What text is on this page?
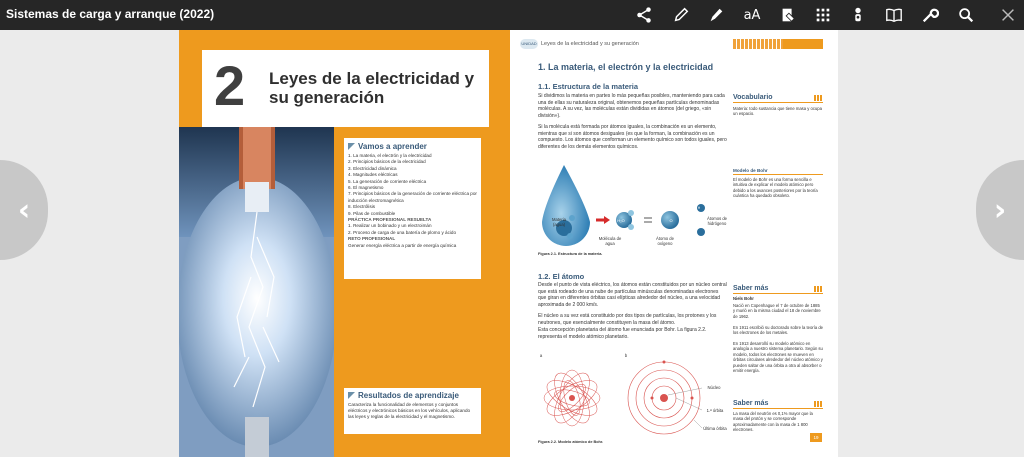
Sistemas de carga y arranque (2022)	aA
‹	›
2 Leyes de la electricidad y su generación
Vamos a aprender
1. La materia, el electrón y la electricidad
2. Principios básicos de la electricidad
3. Electricidad dinámica
4. Magnitudes eléctricas
5. La generación de corriente eléctrica
6. El magnetismo
7. Principios básicos de la generación de corriente eléctrica por inducción electromagnética
8. Electrólisis
9. Pilas de combustible
PRÁCTICA PROFESIONAL RESUELTA
1. Realizar un bobinado y un electroimán
2. Proceso de carga de una batería de plomo y ácido
RETO PROFESIONAL
Generar energía eléctrica a partir de energía química
Resultados de aprendizaje

Caracteriza la funcionalidad de elementos y conjuntos eléctricos y electrónicos básicos en los vehículos, aplicando las leyes y reglas de la electricidad y el magnetismo.

UNIDAD Leyes de la electricidad y su generación
1. La materia, el electrón y la electricidad
1.1. Estructura de la materia
Si dividimos la materia en partes lo más pequeñas posibles, manteniendo para cada una de ellas su naturaleza original, obtenemos pequeñas partículas denominadas moléculas. A su vez, las moléculas están divididas en átomos (del griego, «sin división»).
Si la molécula está formada por átomos iguales, la combinación es un elemento, mientras que si son átomos desiguales (es que la forman, la combinación es un compuesto. Los átomos que conforman un elemento químico son todos iguales, pero diferentes de los demás elementos químicos.
Materia (agua)
H₂O	O
H
Molécula de agua
Átomo de oxígeno
Átomos de hidrógeno
Figura 2.1. Estructura de la materia.
1.2. El átomo
Desde el punto de vista eléctrico, los átomos están constituidos por un núcleo central que está rodeado de una nube de partículas minúsculas denominadas electrones que giran en diferentes órbitas casi elípticas alrededor del núcleo, a una velocidad aproximada de 2 000 km/s.
El núcleo a su vez está constituido por dos tipos de partículas, los protones y los neutrones, que esencialmente constituyen la masa del átomo.
Esta concepción planetaria del átomo fue enunciada por Bohr. La figura 2.2. representa el modelo atómico planetario.
a	b
Núcleo
1.ª órbita
Última órbita
Figura 2.2. Modelo atómico de Bohr.
Vocabulario
Materia: todo sustancia que tiene masa y ocupa un espacio.
Modelo de Bohr
El modelo de Bohr es una forma sencilla e intuitiva de explicar el modelo atómico pero debido a los avances posteriores por la teoría cuántica ha quedado obsoleto.
Saber más
Niels Bohr
Nació en Copenhague el 7 de octubre de 1885 y murió en la misma ciudad el 18 de noviembre de 1962.
En 1911 escribió su doctorado sobre la teoría de los electrones de los metales.
En 1913 desarrolló su modelo atómico en analogía a nuestro sistema planetario. Según su modelo, todos los electrones se mueven en órbitas circulares alrededor del núcleo atómico y pueden saltar de una órbita a otra al absorber o emitir energía.
Saber más
La masa del neutrón es 0,1% mayor que la masa del protón y se corresponde aproximadamente con la masa de 1 800 electrones.
19
